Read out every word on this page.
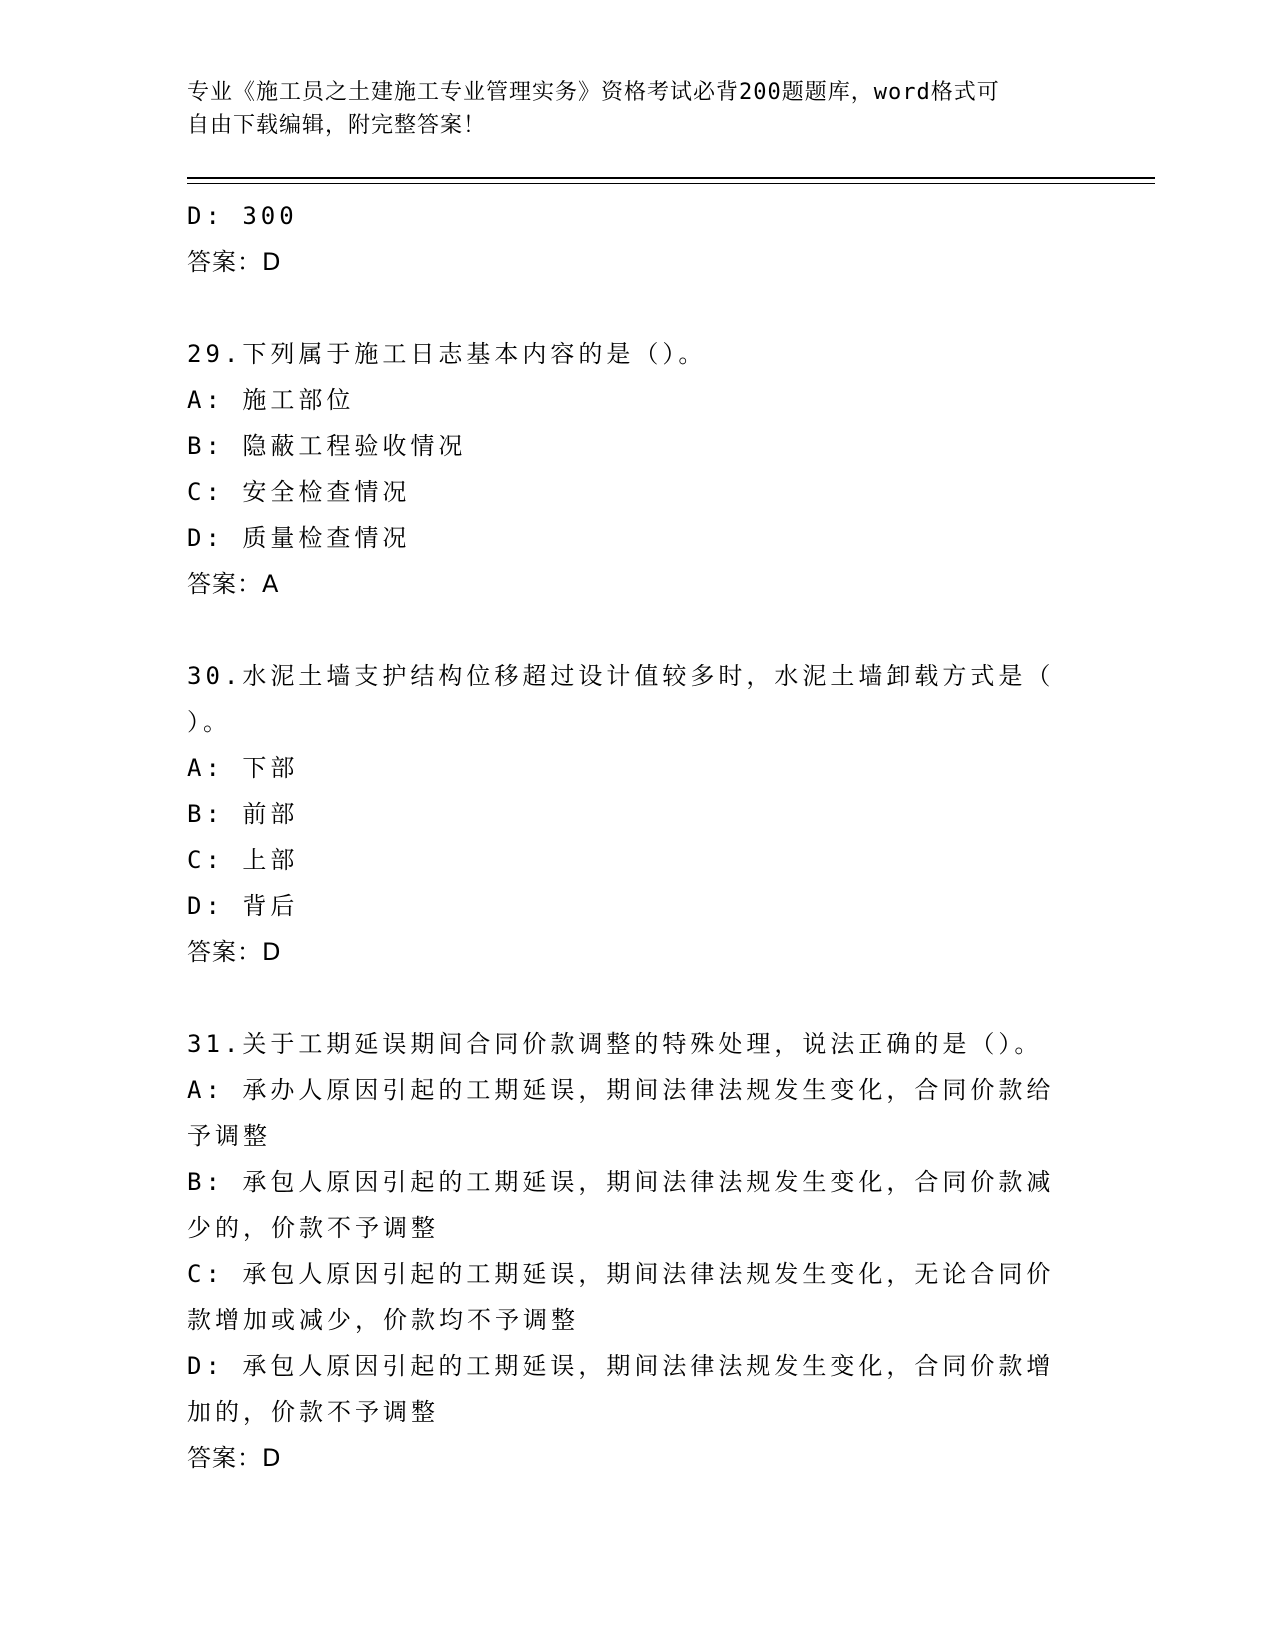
专业《施工员之土建施工专业管理实务》资格考试必背200题题库，word格式可
自由下载编辑，附完整答案！
D: 300
答案：D
29.下列属于施工日志基本内容的是（）。
A: 施工部位
B: 隐蔽工程验收情况
C: 安全检查情况
D: 质量检查情况
答案：A
30.水泥土墙支护结构位移超过设计值较多时，水泥土墙卸载方式是（
）。
A: 下部
B: 前部
C: 上部
D: 背后
答案：D
31.关于工期延误期间合同价款调整的特殊处理，说法正确的是（）。
A: 承办人原因引起的工期延误，期间法律法规发生变化，合同价款给
予调整
B: 承包人原因引起的工期延误，期间法律法规发生变化，合同价款减
少的，价款不予调整
C: 承包人原因引起的工期延误，期间法律法规发生变化，无论合同价
款增加或减少，价款均不予调整
D: 承包人原因引起的工期延误，期间法律法规发生变化，合同价款增
加的，价款不予调整
答案：D
